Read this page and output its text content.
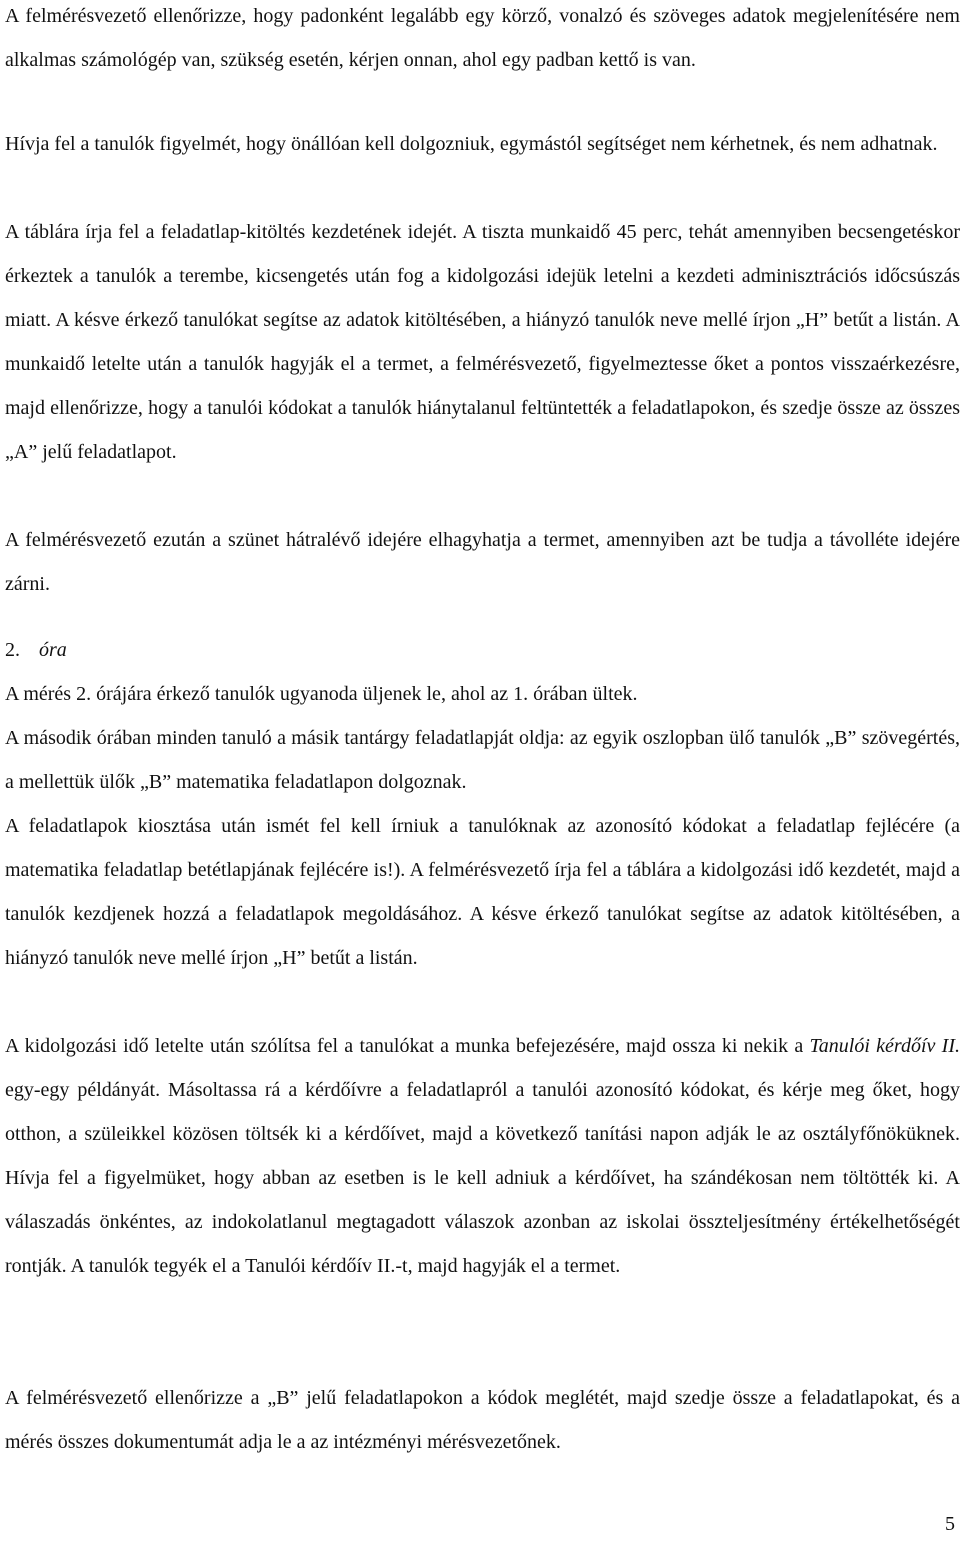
A felmérésvezető ellenőrizze, hogy padonként legalább egy körző, vonalzó és szöveges adatok megjelenítésére nem alkalmas számológép van, szükség esetén, kérjen onnan, ahol egy padban kettő is van.

Hívja fel a tanulók figyelmét, hogy önállóan kell dolgozniuk, egymástól segítséget nem kérhetnek, és nem adhatnak.

A táblára írja fel a feladatlap-kitöltés kezdetének idejét. A tiszta munkaidő 45 perc, tehát amennyiben becsengetéskor érkeztek a tanulók a terembe, kicsengetés után fog a kidolgozási idejük letelni a kezdeti adminisztrációs időcsúszás miatt. A késve érkező tanulókat segítse az adatok kitöltésében, a hiányzó tanulók neve mellé írjon „H” betűt a listán. A munkaidő letelte után a tanulók hagyják el a termet, a felmérésvezető, figyelmeztesse őket a pontos visszaérkezésre, majd ellenőrizze, hogy a tanulói kódokat a tanulók hiánytalanul feltüntették a feladatlapokon, és szedje össze az összes „A” jelű feladatlapot.

A felmérésvezető ezután a szünet hátralévő idejére elhagyhatja a termet, amennyiben azt be tudja a távolléte idejére zárni.

2. óra

A mérés 2. órájára érkező tanulók ugyanoda üljenek le, ahol az 1. órában ültek.

A második órában minden tanuló a másik tantárgy feladatlapját oldja: az egyik oszlopban ülő tanulók „B” szövegértés, a mellettük ülők „B” matematika feladatlapon dolgoznak.

A feladatlapok kiosztása után ismét fel kell írniuk a tanulóknak az azonosító kódokat a feladatlap fejlécére (a matematika feladatlap betétlapjának fejlécére is!). A felmérésvezető írja fel a táblára a kidolgozási idő kezdetét, majd a tanulók kezdjenek hozzá a feladatlapok megoldásához. A késve érkező tanulókat segítse az adatok kitöltésében, a hiányzó tanulók neve mellé írjon „H” betűt a listán.

A kidolgozási idő letelte után szólítsa fel a tanulókat a munka befejezésére, majd ossza ki nekik a Tanulói kérdőív II. egy-egy példányát. Másoltassa rá a kérdőívre a feladatlapról a tanulói azonosító kódokat, és kérje meg őket, hogy otthon, a szüleikkel közösen töltsék ki a kérdőívet, majd a következő tanítási napon adják le az osztályfőnöküknek. Hívja fel a figyelmüket, hogy abban az esetben is le kell adniuk a kérdőívet, ha szándékosan nem töltötték ki. A válaszadás önkéntes, az indokolatlanul megtagadott válaszok azonban az iskolai összteljesítmény értékelhetőségét rontják. A tanulók tegyék el a Tanulói kérdőív II.-t, majd hagyják el a termet.

A felmérésvezető ellenőrizze a „B” jelű feladatlapokon a kódok meglétét, majd szedje össze a feladatlapokat, és a mérés összes dokumentumát adja le a az intézményi mérésvezetőnek.

5
